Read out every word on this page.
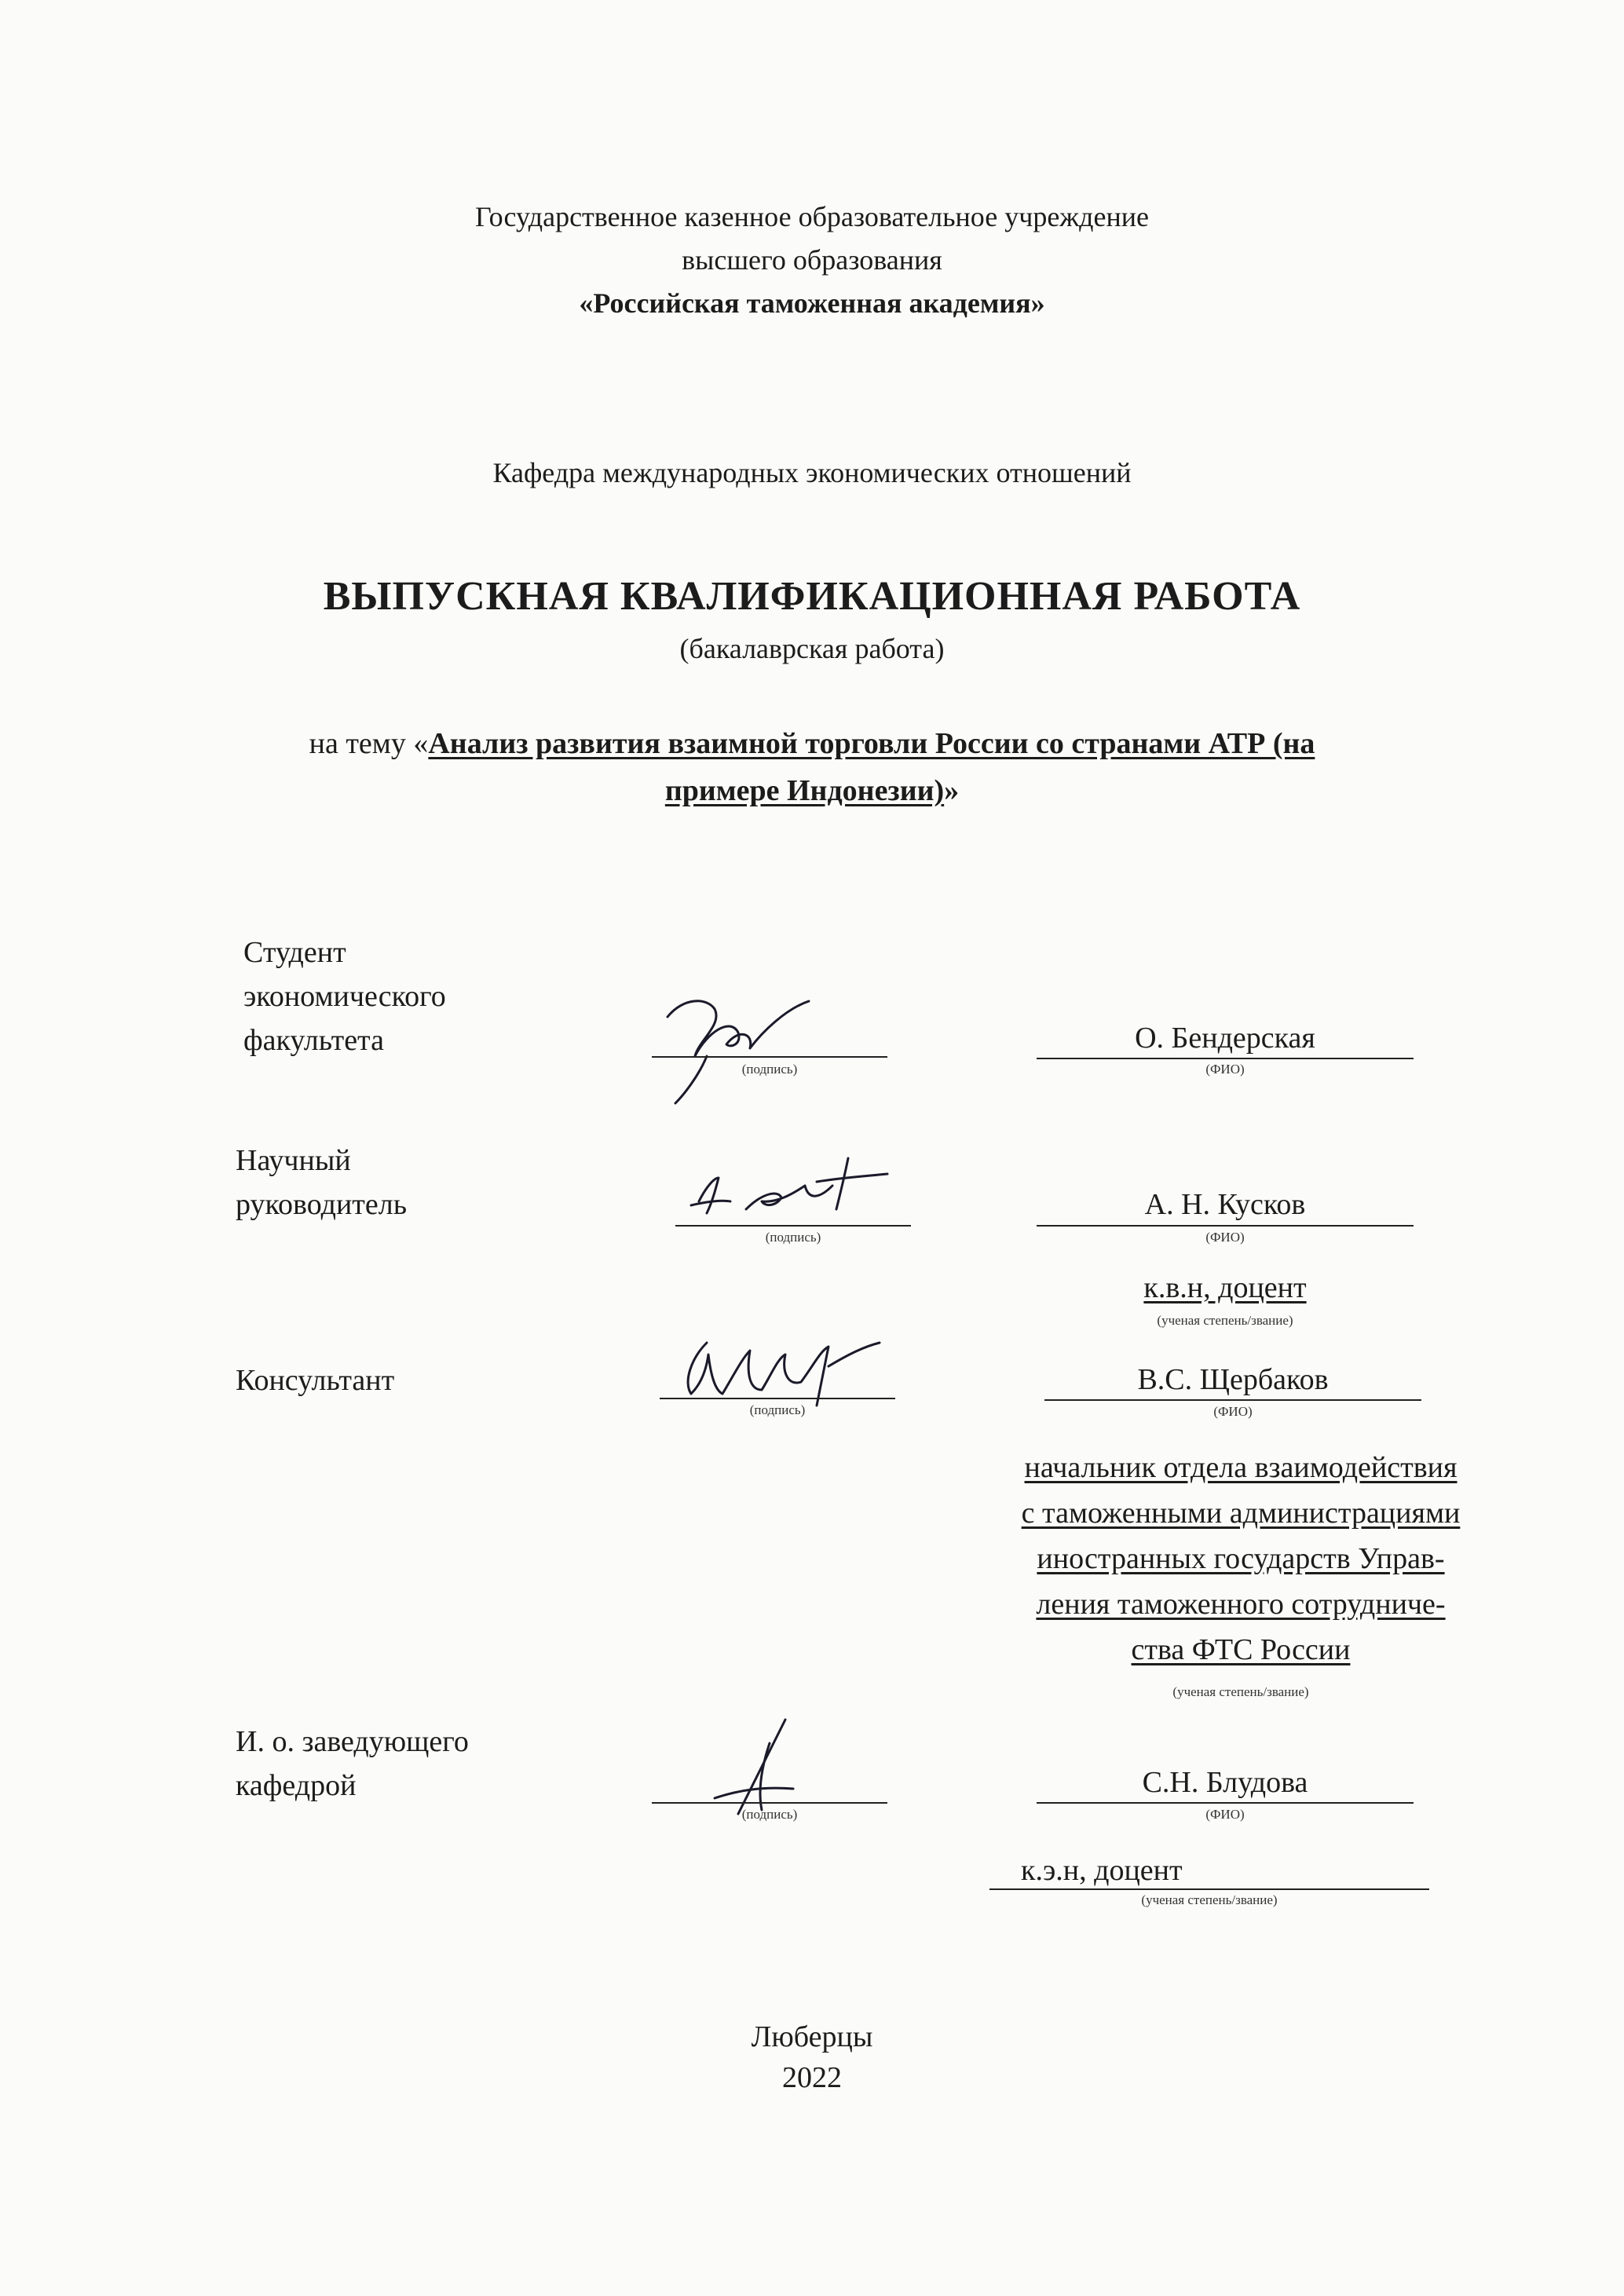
Государственное казенное образовательное учреждение
высшего образования
«Российская таможенная академия»
Кафедра международных экономических отношений
ВЫПУСКНАЯ КВАЛИФИКАЦИОННАЯ РАБОТА
(бакалаврская работа)
на тему «Анализ развития взаимной торговли России со странами АТР (на
примере Индонезии)»
Студент
экономического
факультета
(подпись)
О. Бендерская
(ФИО)
Научный
руководитель
(подпись)
А. Н. Кусков
(ФИО)
к.в.н, доцент
(ученая степень/звание)
Консультант
(подпись)
В.С. Щербаков
(ФИО)
начальник отдела взаимодействия
с таможенными администрациями
иностранных государств Управ-
ления таможенного сотрудниче-
ства ФТС России
(ученая степень/звание)
И. о. заведующего
кафедрой
(подпись)
С.Н. Блудова
(ФИО)
к.э.н, доцент
(ученая степень/звание)
Люберцы
2022
